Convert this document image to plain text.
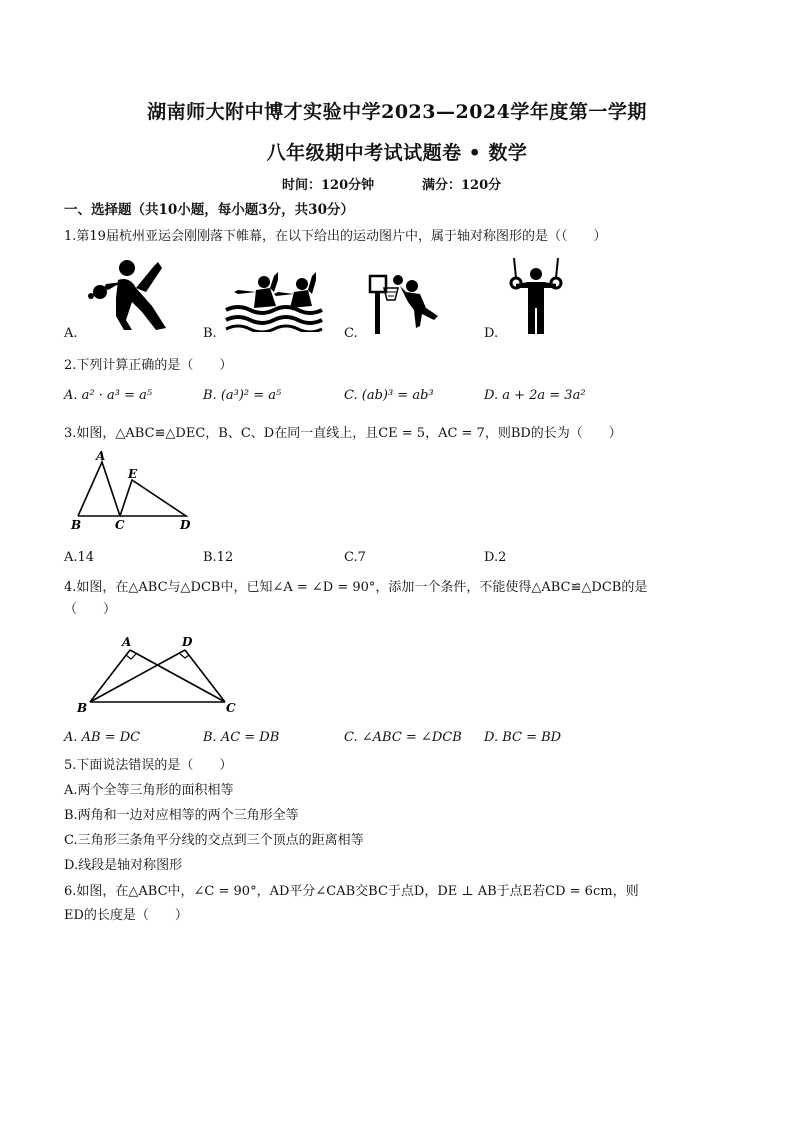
湖南师大附中博才实验中学2023—2024学年度第一学期
八年级期中考试试题卷 • 数学
时间：120分钟	满分：120分
一、选择题（共10小题，每小题3分，共30分）
1.第19届杭州亚运会刚刚落下帷幕，在以下给出的运动图片中，属于轴对称图形的是（（　　）
A.	B.	C.	D.
2.下列计算正确的是（　　）
A. a² · a³ = a⁵	B. (a³)² = a⁵	C. (ab)³ = ab³	D. a + 2a = 3a²
3.如图，△ABC≌△DEC，B、C、D在同一直线上，且CE = 5，AC = 7，则BD的长为（　　）
A
E
B	C	D
A.14	B.12	C.7	D.2
4.如图，在△ABC与△DCB中，已知∠A = ∠D = 90°，添加一个条件，不能使得△ABC≌△DCB的是
（　　）
A	D
B	C
A. AB = DC	B. AC = DB	C. ∠ABC = ∠DCB D. BC = BD
5.下面说法错误的是（　　）
A.两个全等三角形的面积相等
B.两角和一边对应相等的两个三角形全等
C.三角形三条角平分线的交点到三个顶点的距离相等
D.线段是轴对称图形
6.如图，在△ABC中，∠C = 90°，AD平分∠CAB交BC于点D，DE ⊥ AB于点E若CD = 6cm，则
ED的长度是（　　）
